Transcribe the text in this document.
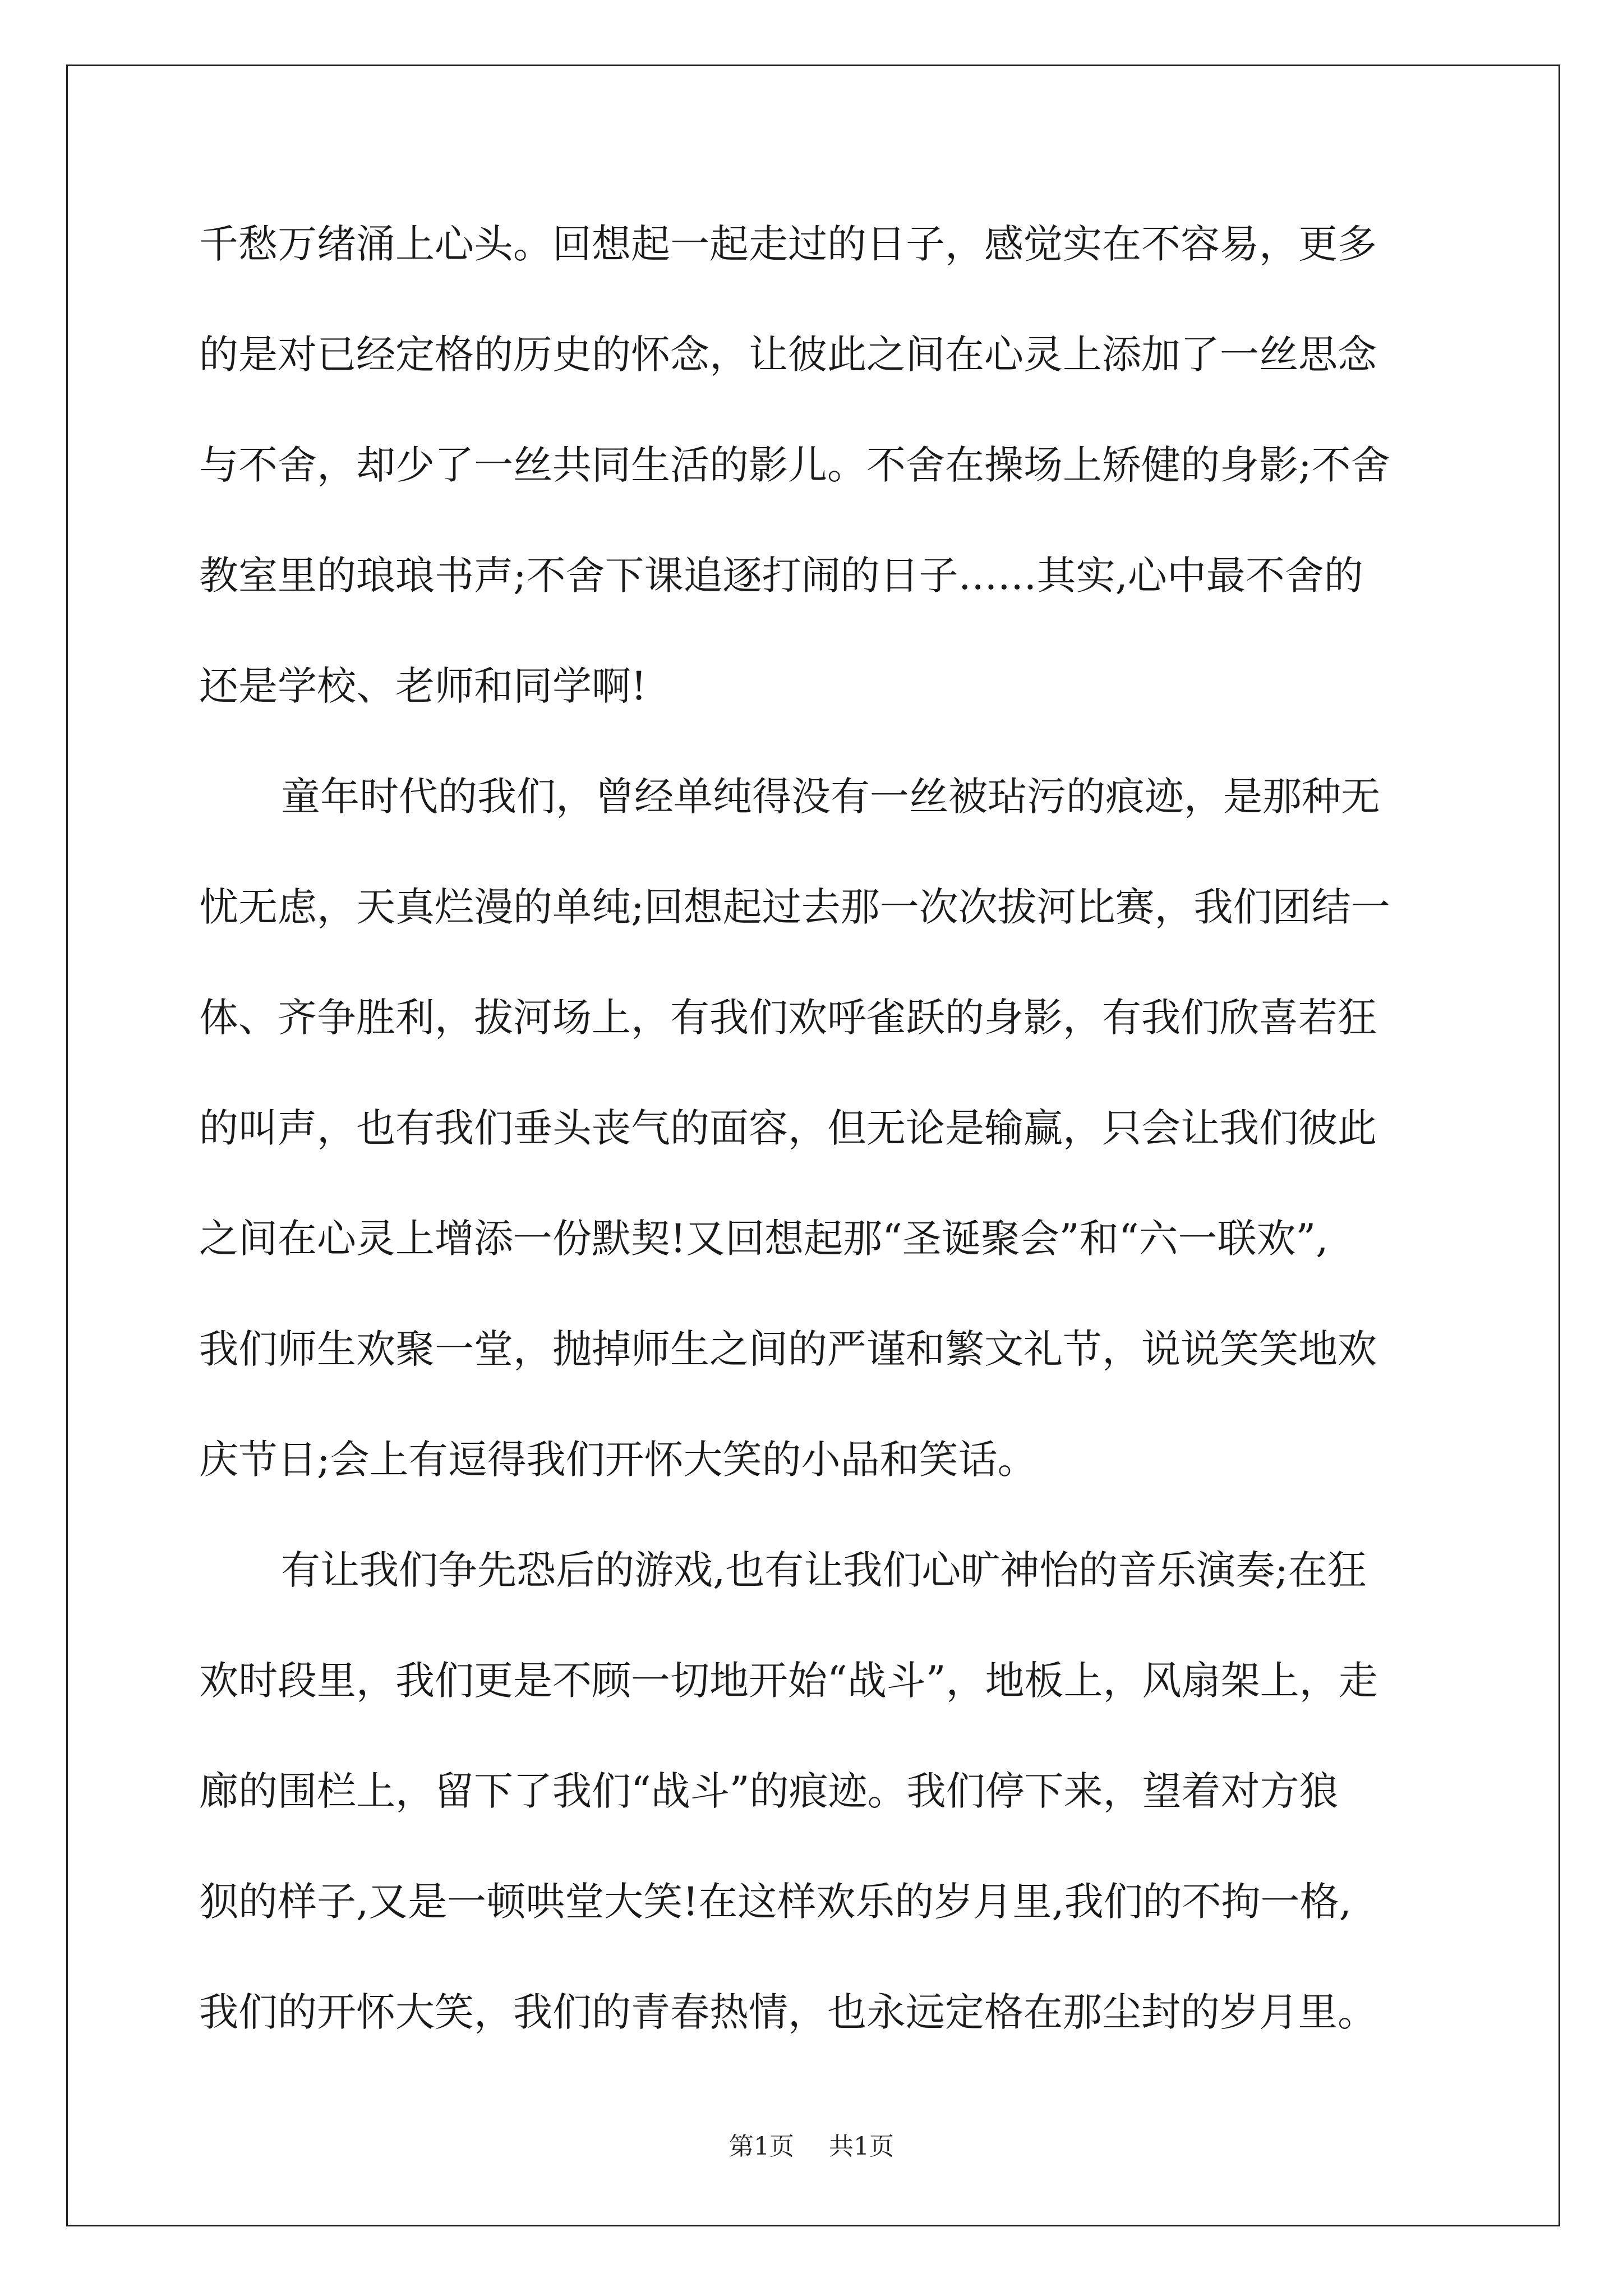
千愁万绪涌上心头。回想起一起走过的日子，感觉实在不容易，更多
的是对已经定格的历史的怀念，让彼此之间在心灵上添加了一丝思念
与不舍，却少了一丝共同生活的影儿。不舍在操场上矫健的身影;不舍
教室里的琅琅书声;不舍下课追逐打闹的日子……其实,心中最不舍的
还是学校、老师和同学啊!
童年时代的我们，曾经单纯得没有一丝被玷污的痕迹，是那种无
忧无虑，天真烂漫的单纯;回想起过去那一次次拔河比赛，我们团结一
体、齐争胜利，拔河场上，有我们欢呼雀跃的身影，有我们欣喜若狂
的叫声，也有我们垂头丧气的面容，但无论是输赢，只会让我们彼此
之间在心灵上增添一份默契!又回想起那“圣诞聚会”和“六一联欢”,
我们师生欢聚一堂，抛掉师生之间的严谨和繁文礼节，说说笑笑地欢
庆节日;会上有逗得我们开怀大笑的小品和笑话。
有让我们争先恐后的游戏,也有让我们心旷神怡的音乐演奏;在狂
欢时段里，我们更是不顾一切地开始“战斗”，地板上，风扇架上，走
廊的围栏上，留下了我们“战斗”的痕迹。我们停下来，望着对方狼
狈的样子,又是一顿哄堂大笑!在这样欢乐的岁月里,我们的不拘一格,
我们的开怀大笑，我们的青春热情，也永远定格在那尘封的岁月里。
第1页 共1页
